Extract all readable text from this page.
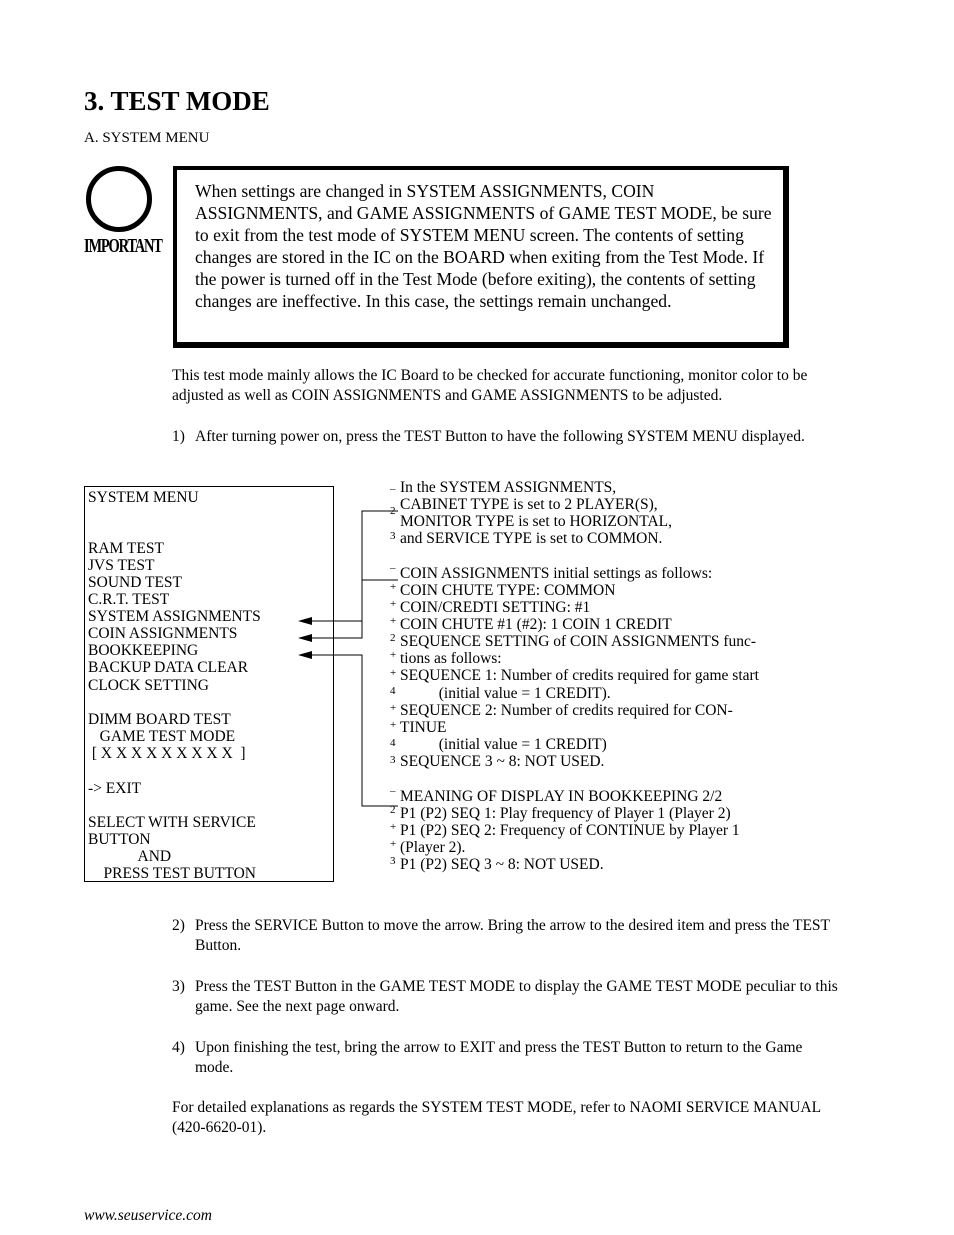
3. TEST MODE
A. SYSTEM MENU
IMPORTANT
When settings are changed in SYSTEM ASSIGNMENTS, COIN ASSIGNMENTS, and GAME ASSIGNMENTS of GAME TEST MODE, be sure to exit from the test mode of SYSTEM MENU screen. The contents of setting changes are stored in the IC on the BOARD when exiting from the Test Mode. If the power is turned off in the Test Mode (before exiting), the contents of setting changes are ineffective. In this case, the settings remain unchanged.
This test mode mainly allows the IC Board to be checked for accurate functioning, monitor color to be adjusted as well as COIN ASSIGNMENTS and GAME ASSIGNMENTS to be adjusted.
1) After turning power on, press the TEST Button to have the following SYSTEM MENU displayed.
SYSTEM MENU
RAM TEST
JVS TEST
SOUND TEST
C.R.T. TEST
SYSTEM ASSIGNMENTS
COIN ASSIGNMENTS
BOOKKEEPING
BACKUP DATA CLEAR
CLOCK SETTING
DIMM BOARD TEST
GAME TEST MODE
[ X X X X X X X X X  ]
-> EXIT
SELECT WITH SERVICE
BUTTON
AND
PRESS TEST BUTTON
–
2
3
–
+
+
+
2
+
+
4
+
+
4
3
–
2
+
+
3
In the SYSTEM ASSIGNMENTS,
CABINET TYPE is set to 2 PLAYER(S),
MONITOR TYPE is set to HORIZONTAL,
and SERVICE TYPE is set to COMMON.
COIN ASSIGNMENTS initial settings as follows:
COIN CHUTE TYPE: COMMON
COIN/CREDTI SETTING: #1
COIN CHUTE #1 (#2): 1 COIN 1 CREDIT
SEQUENCE SETTING of COIN ASSIGNMENTS func-
tions as follows:
SEQUENCE 1: Number of credits required for game start
(initial value = 1 CREDIT).
SEQUENCE 2: Number of credits required for CON-
TINUE
(initial value = 1 CREDIT)
SEQUENCE 3 ~ 8: NOT USED.
MEANING OF DISPLAY IN BOOKKEEPING 2/2
P1 (P2) SEQ 1: Play frequency of Player 1 (Player 2)
P1 (P2) SEQ 2: Frequency of CONTINUE by Player 1
(Player 2).
P1 (P2) SEQ 3 ~ 8: NOT USED.
2) Press the SERVICE Button to move the arrow. Bring the arrow to the desired item and press the TEST Button.
3) Press the TEST Button in the GAME TEST MODE to display the GAME TEST MODE peculiar to this game. See the next page onward.
4) Upon finishing the test, bring the arrow to EXIT and press the TEST Button to return to the Game mode.
For detailed explanations as regards the SYSTEM TEST MODE, refer to NAOMI SERVICE MANUAL (420-6620-01).
www.seuservice.com
